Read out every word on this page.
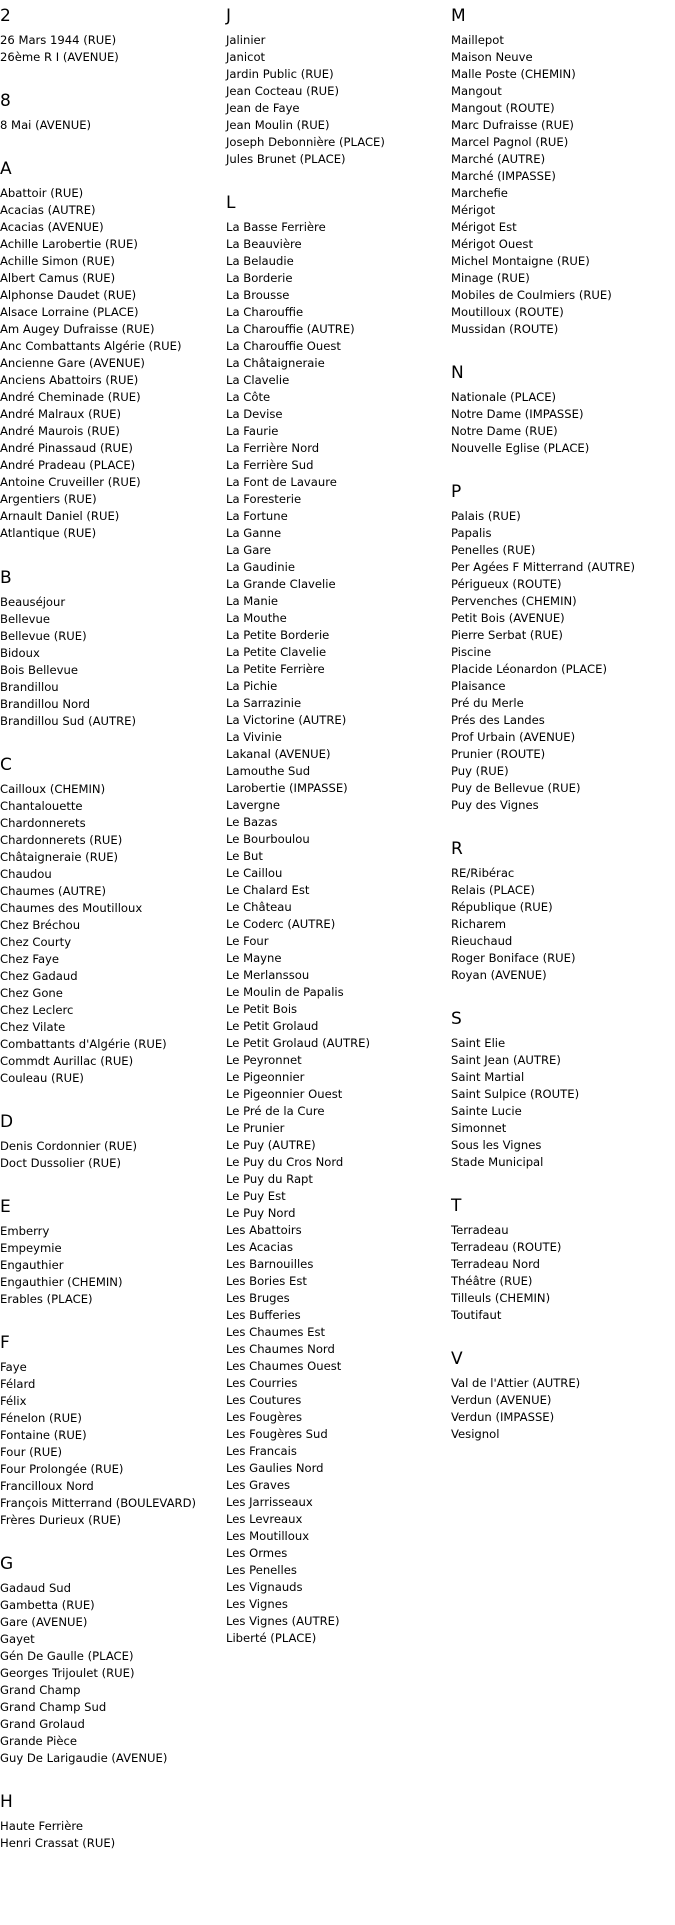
2
26 Mars 1944 (RUE)
26ème R I (AVENUE)
8
8 Mai (AVENUE)
A
Abattoir (RUE)
Acacias (AUTRE)
Acacias (AVENUE)
Achille Larobertie (RUE)
Achille Simon (RUE)
Albert Camus (RUE)
Alphonse Daudet (RUE)
Alsace Lorraine (PLACE)
Am Augey Dufraisse (RUE)
Anc Combattants Algérie (RUE)
Ancienne Gare (AVENUE)
Anciens Abattoirs (RUE)
André Cheminade (RUE)
André Malraux (RUE)
André Maurois (RUE)
André Pinassaud (RUE)
André Pradeau (PLACE)
Antoine Cruveiller (RUE)
Argentiers (RUE)
Arnault Daniel (RUE)
Atlantique (RUE)
B
Beauséjour
Bellevue
Bellevue (RUE)
Bidoux
Bois Bellevue
Brandillou
Brandillou Nord
Brandillou Sud (AUTRE)
C
Cailloux (CHEMIN)
Chantalouette
Chardonnerets
Chardonnerets (RUE)
Châtaigneraie (RUE)
Chaudou
Chaumes (AUTRE)
Chaumes des Moutilloux
Chez Bréchou
Chez Courty
Chez Faye
Chez Gadaud
Chez Gone
Chez Leclerc
Chez Vilate
Combattants d'Algérie (RUE)
Commdt Aurillac (RUE)
Couleau (RUE)
D
Denis Cordonnier (RUE)
Doct Dussolier (RUE)
E
Emberry
Empeymie
Engauthier
Engauthier (CHEMIN)
Erables (PLACE)
F
Faye
Félard
Félix
Fénelon (RUE)
Fontaine (RUE)
Four (RUE)
Four Prolongée (RUE)
Francilloux Nord
François Mitterrand (BOULEVARD)
Frères Durieux (RUE)
G
Gadaud Sud
Gambetta (RUE)
Gare (AVENUE)
Gayet
Gén De Gaulle (PLACE)
Georges Trijoulet (RUE)
Grand Champ
Grand Champ Sud
Grand Grolaud
Grande Pièce
Guy De Larigaudie (AVENUE)
H
Haute Ferrière
Henri Crassat (RUE)
J
Jalinier
Janicot
Jardin Public (RUE)
Jean Cocteau (RUE)
Jean de Faye
Jean Moulin (RUE)
Joseph Debonnière (PLACE)
Jules Brunet (PLACE)
L
La Basse Ferrière
La Beauvière
La Belaudie
La Borderie
La Brousse
La Charouffie
La Charouffie (AUTRE)
La Charouffie Ouest
La Châtaigneraie
La Clavelie
La Côte
La Devise
La Faurie
La Ferrière Nord
La Ferrière Sud
La Font de Lavaure
La Foresterie
La Fortune
La Ganne
La Gare
La Gaudinie
La Grande Clavelie
La Manie
La Mouthe
La Petite Borderie
La Petite Clavelie
La Petite Ferrière
La Pichie
La Sarrazinie
La Victorine (AUTRE)
La Vivinie
Lakanal (AVENUE)
Lamouthe Sud
Larobertie (IMPASSE)
Lavergne
Le Bazas
Le Bourboulou
Le But
Le Caillou
Le Chalard Est
Le Château
Le Coderc (AUTRE)
Le Four
Le Mayne
Le Merlanssou
Le Moulin de Papalis
Le Petit Bois
Le Petit Grolaud
Le Petit Grolaud (AUTRE)
Le Peyronnet
Le Pigeonnier
Le Pigeonnier Ouest
Le Pré de la Cure
Le Prunier
Le Puy (AUTRE)
Le Puy du Cros Nord
Le Puy du Rapt
Le Puy Est
Le Puy Nord
Les Abattoirs
Les Acacias
Les Barnouilles
Les Bories Est
Les Bruges
Les Bufferies
Les Chaumes Est
Les Chaumes Nord
Les Chaumes Ouest
Les Courries
Les Coutures
Les Fougères
Les Fougères Sud
Les Francais
Les Gaulies Nord
Les Graves
Les Jarrisseaux
Les Levreaux
Les Moutilloux
Les Ormes
Les Penelles
Les Vignauds
Les Vignes
Les Vignes (AUTRE)
Liberté (PLACE)
M
Maillepot
Maison Neuve
Malle Poste (CHEMIN)
Mangout
Mangout (ROUTE)
Marc Dufraisse (RUE)
Marcel Pagnol (RUE)
Marché (AUTRE)
Marché (IMPASSE)
Marchefie
Mérigot
Mérigot Est
Mérigot Ouest
Michel Montaigne (RUE)
Minage (RUE)
Mobiles de Coulmiers (RUE)
Moutilloux (ROUTE)
Mussidan (ROUTE)
N
Nationale (PLACE)
Notre Dame (IMPASSE)
Notre Dame (RUE)
Nouvelle Eglise (PLACE)
P
Palais (RUE)
Papalis
Penelles (RUE)
Per Agées F Mitterrand (AUTRE)
Périgueux (ROUTE)
Pervenches (CHEMIN)
Petit Bois (AVENUE)
Pierre Serbat (RUE)
Piscine
Placide Léonardon (PLACE)
Plaisance
Pré du Merle
Prés des Landes
Prof Urbain (AVENUE)
Prunier (ROUTE)
Puy (RUE)
Puy de Bellevue (RUE)
Puy des Vignes
R
RE/Ribérac
Relais (PLACE)
République (RUE)
Richarem
Rieuchaud
Roger Boniface (RUE)
Royan (AVENUE)
S
Saint Elie
Saint Jean (AUTRE)
Saint Martial
Saint Sulpice (ROUTE)
Sainte Lucie
Simonnet
Sous les Vignes
Stade Municipal
T
Terradeau
Terradeau (ROUTE)
Terradeau Nord
Théâtre (RUE)
Tilleuls (CHEMIN)
Toutifaut
V
Val de l'Attier (AUTRE)
Verdun (AVENUE)
Verdun (IMPASSE)
Vesignol
